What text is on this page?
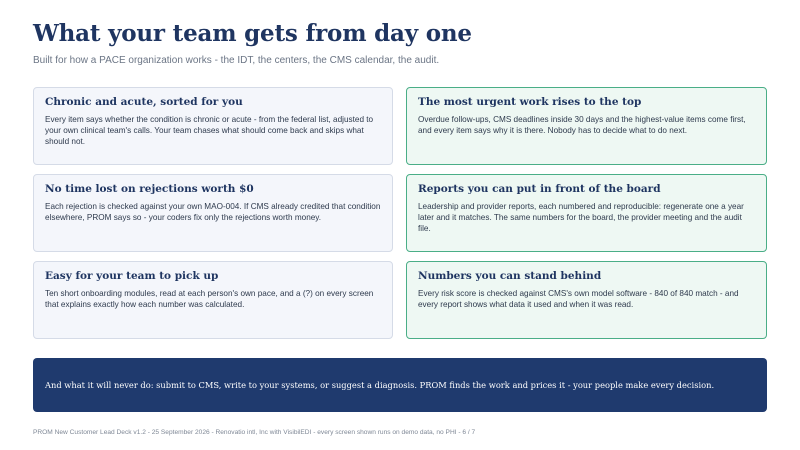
What your team gets from day one

Built for how a PACE organization works - the IDT, the centers, the CMS calendar, the audit.

Chronic and acute, sorted for you

Every item says whether the condition is chronic or acute - from the federal list, adjusted to your own clinical team's calls. Your team chases what should come back and skips what should not.

The most urgent work rises to the top

Overdue follow-ups, CMS deadlines inside 30 days and the highest-value items come first, and every item says why it is there. Nobody has to decide what to do next.

No time lost on rejections worth $0

Each rejection is checked against your own MAO-004. If CMS already credited that condition elsewhere, PROM says so - your coders fix only the rejections worth money.

Reports you can put in front of the board

Leadership and provider reports, each numbered and reproducible: regenerate one a year later and it matches. The same numbers for the board, the provider meeting and the audit file.

Easy for your team to pick up

Ten short onboarding modules, read at each person's own pace, and a (?) on every screen that explains exactly how each number was calculated.

Numbers you can stand behind

Every risk score is checked against CMS's own model software - 840 of 840 match - and every report shows what data it used and when it was read.

And what it will never do: submit to CMS, write to your systems, or suggest a diagnosis. PROM finds the work and prices it - your people make every decision.
PROM New Customer Lead Deck v1.2 - 25 September 2026 - Renovatio intl, Inc with VisibilEDI - every screen shown runs on demo data, no PHI - 6 / 7
